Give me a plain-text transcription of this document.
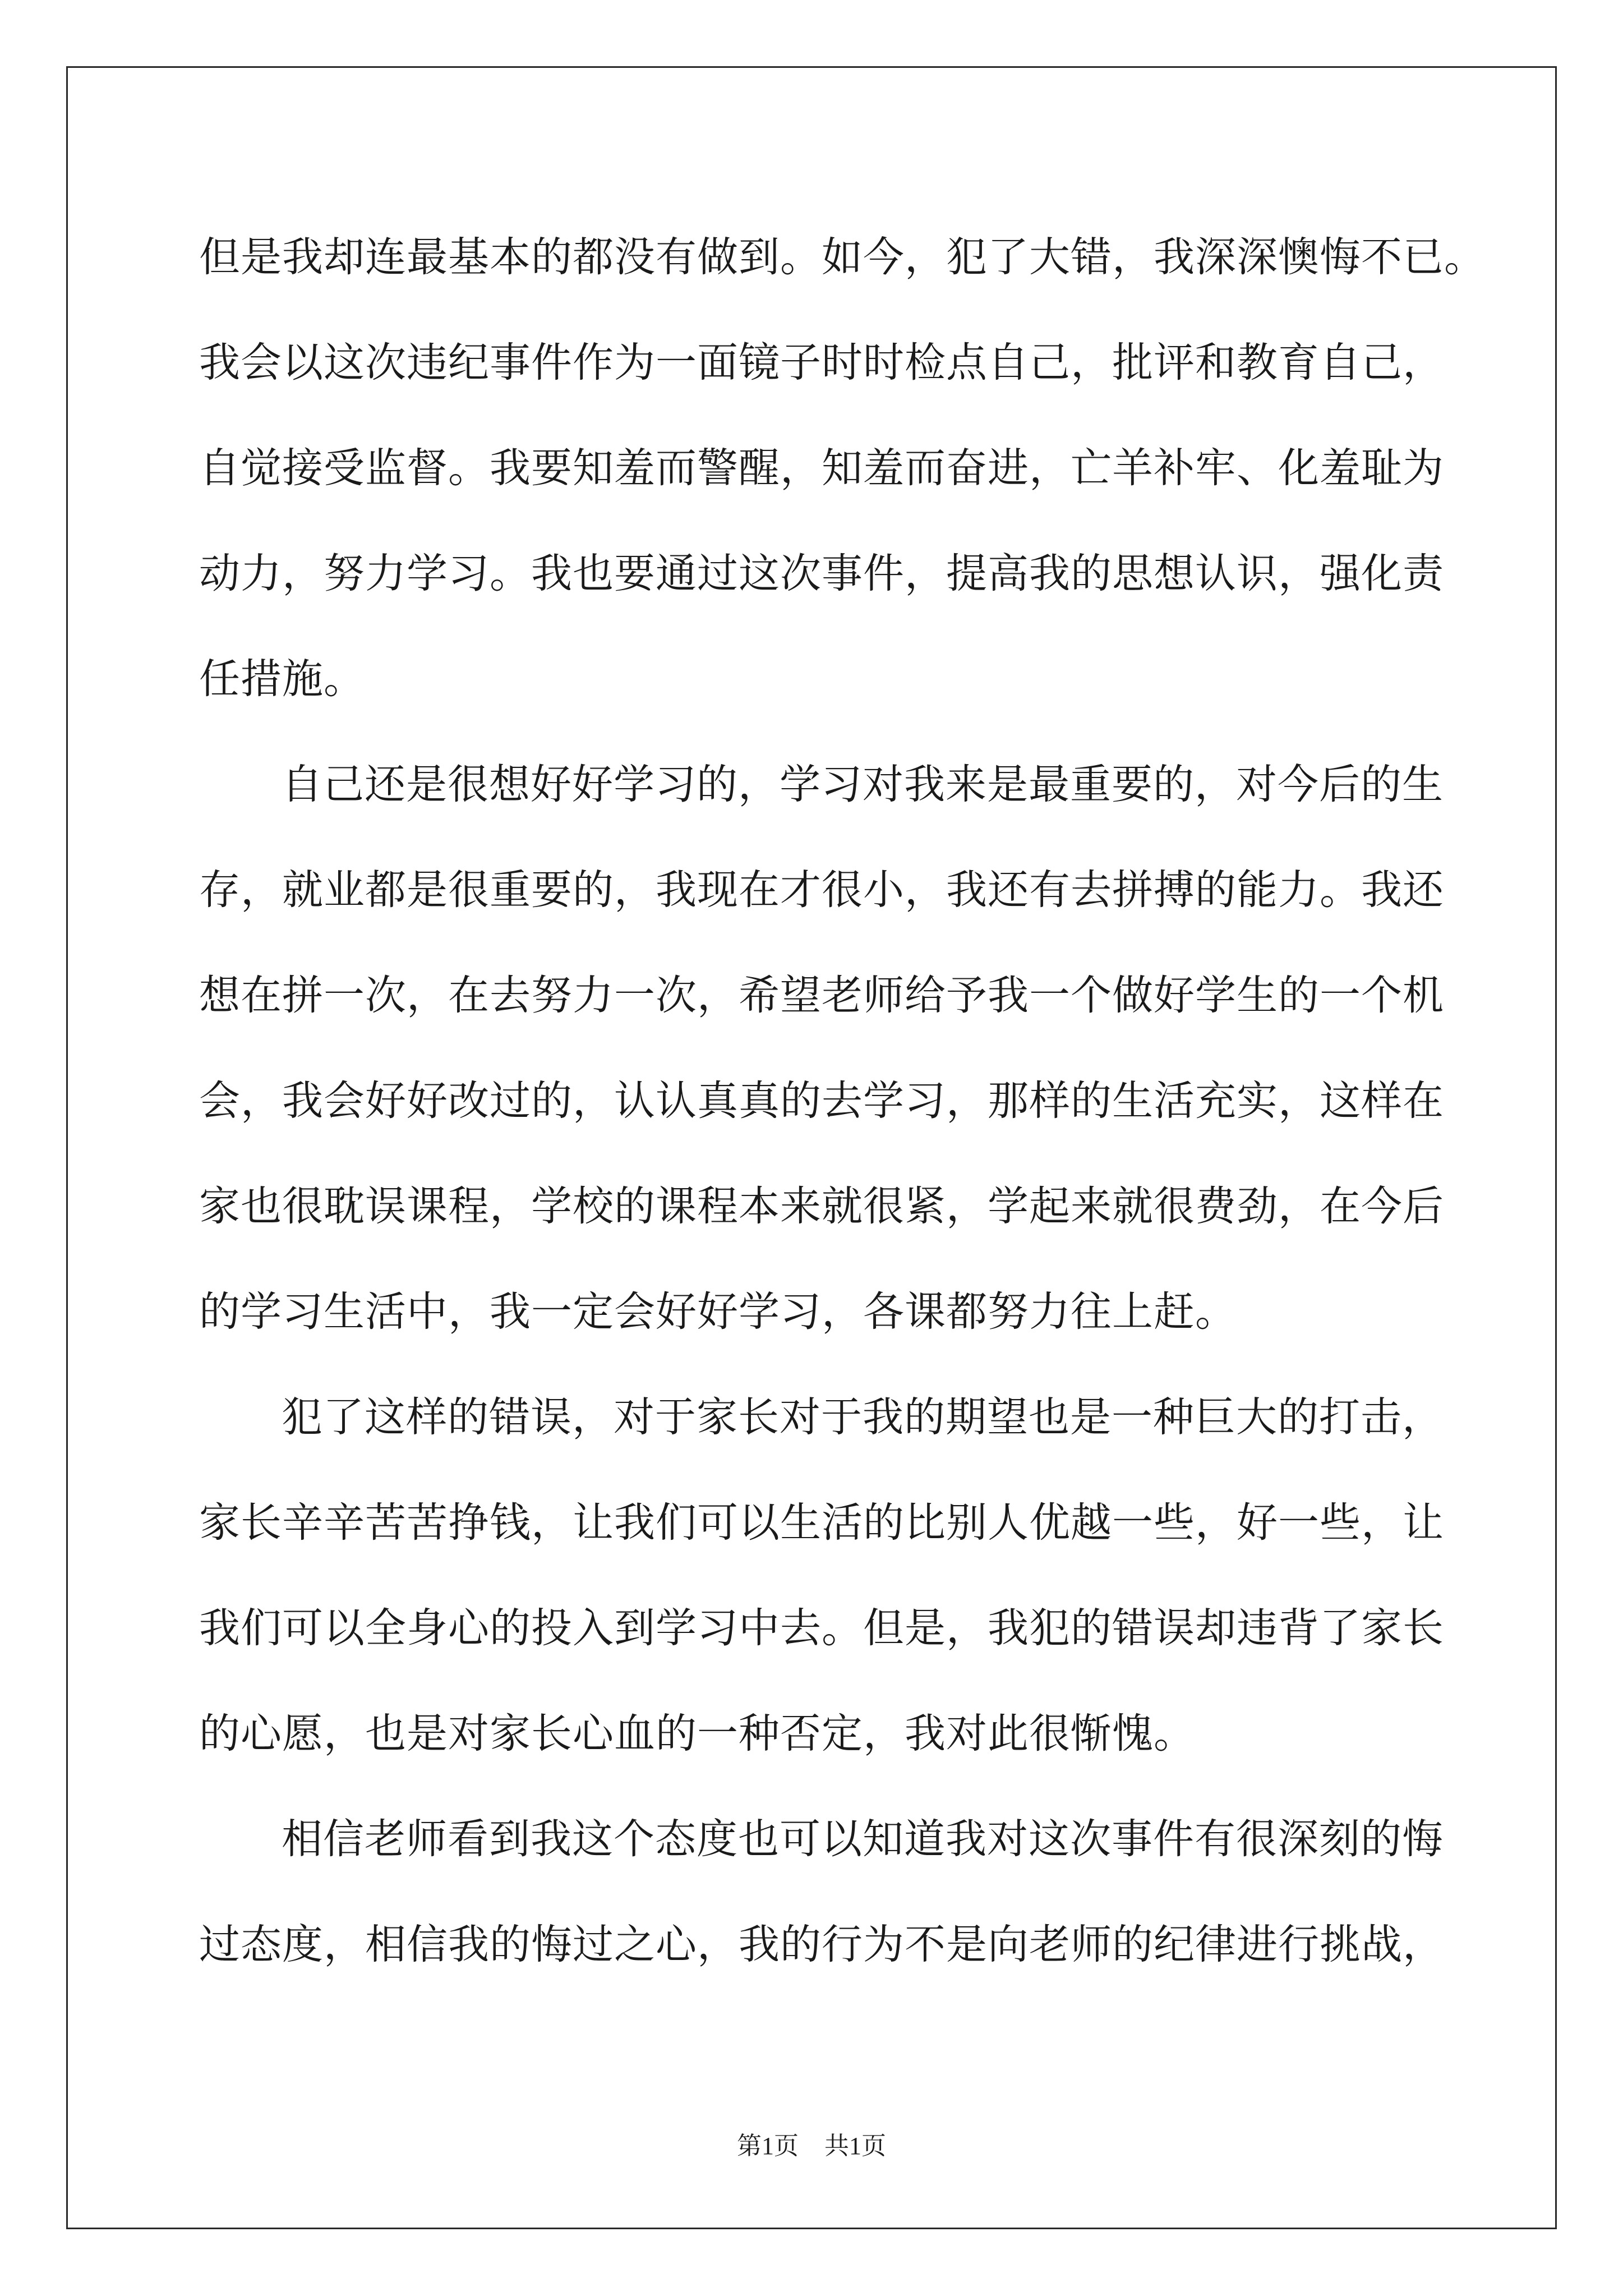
但是我却连最基本的都没有做到。如今，犯了大错，我深深懊悔不已。
我会以这次违纪事件作为一面镜子时时检点自己，批评和教育自己，
自觉接受监督。我要知羞而警醒，知羞而奋进，亡羊补牢、化羞耻为
动力，努力学习。我也要通过这次事件，提高我的思想认识，强化责
任措施。
自己还是很想好好学习的，学习对我来是最重要的，对今后的生
存，就业都是很重要的，我现在才很小，我还有去拼搏的能力。我还
想在拼一次，在去努力一次，希望老师给予我一个做好学生的一个机
会，我会好好改过的，认认真真的去学习，那样的生活充实，这样在
家也很耽误课程，学校的课程本来就很紧，学起来就很费劲，在今后
的学习生活中，我一定会好好学习，各课都努力往上赶。
犯了这样的错误，对于家长对于我的期望也是一种巨大的打击，
家长辛辛苦苦挣钱，让我们可以生活的比别人优越一些，好一些，让
我们可以全身心的投入到学习中去。但是，我犯的错误却违背了家长
的心愿，也是对家长心血的一种否定，我对此很惭愧。
相信老师看到我这个态度也可以知道我对这次事件有很深刻的悔
过态度，相信我的悔过之心，我的行为不是向老师的纪律进行挑战，
第1页 共1页
